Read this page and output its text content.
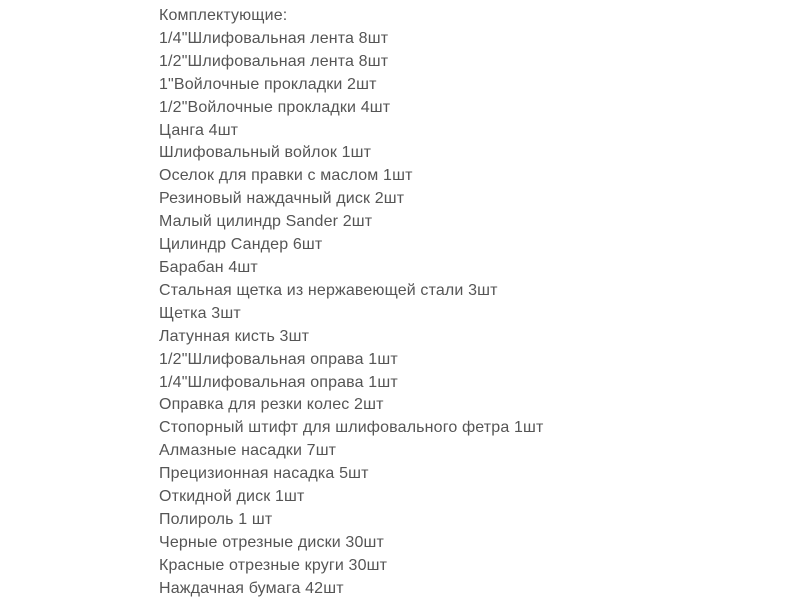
Комплектующие:
1/4"Шлифовальная лента 8шт
1/2"Шлифовальная лента 8шт
1"Войлочные прокладки 2шт
1/2"Войлочные прокладки 4шт
Цанга 4шт
Шлифовальный войлок 1шт
Оселок для правки с маслом 1шт
Резиновый наждачный диск 2шт
Малый цилиндр Sander 2шт
Цилиндр Сандер 6шт
Барабан 4шт
Стальная щетка из нержавеющей стали 3шт
Щетка 3шт
Латунная кисть 3шт
1/2"Шлифовальная оправа 1шт
1/4"Шлифовальная оправа 1шт
Оправка для резки колес 2шт
Стопорный штифт для шлифовального фетра 1шт
Алмазные насадки 7шт
Прецизионная насадка 5шт
Откидной диск 1шт
Полироль 1 шт
Черные отрезные диски 30шт
Красные отрезные круги 30шт
Наждачная бумага 42шт
